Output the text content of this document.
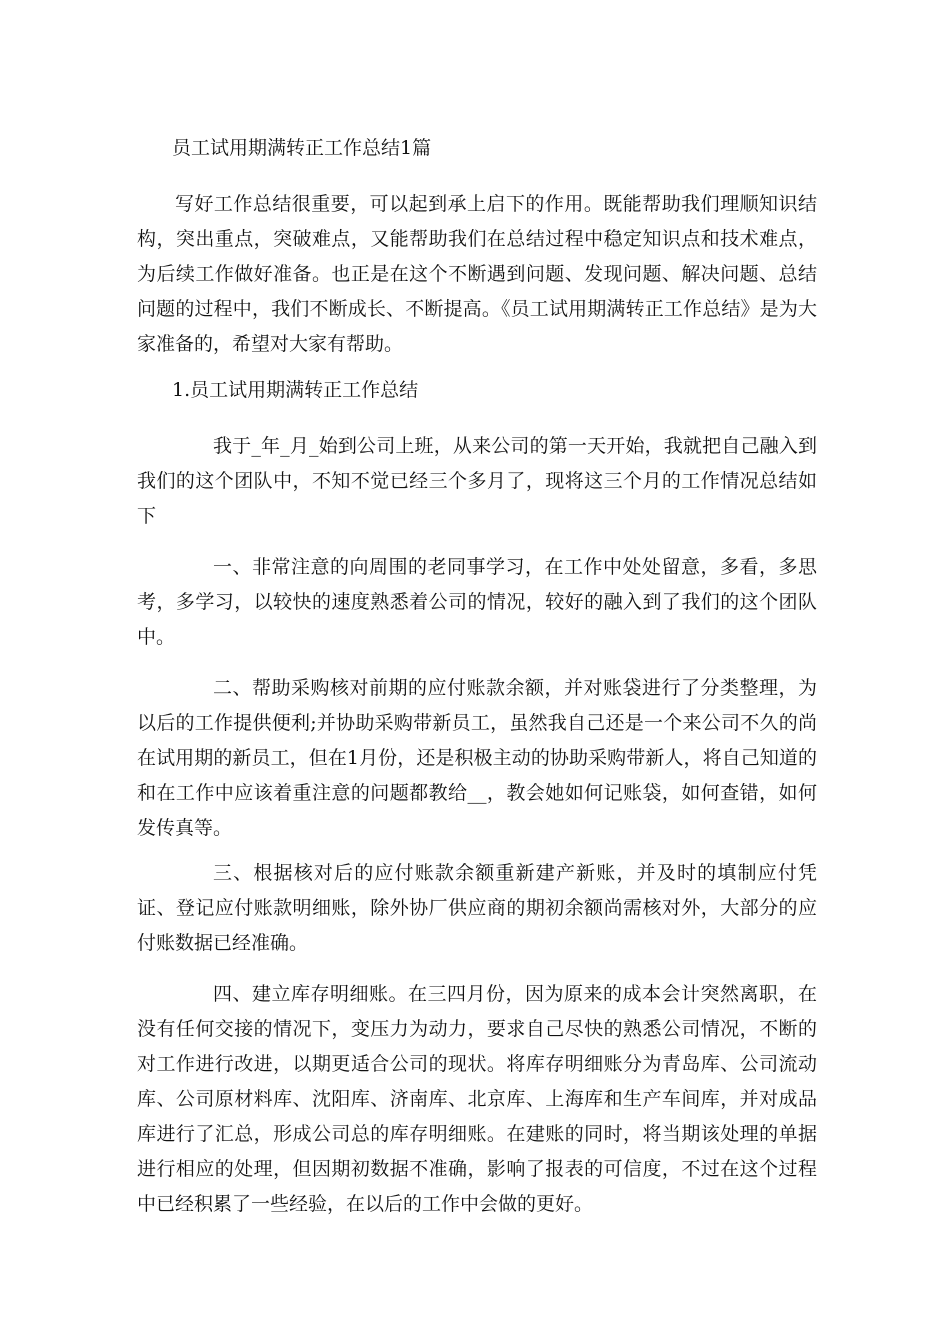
员工试用期满转正工作总结1篇

写好工作总结很重要，可以起到承上启下的作用。既能帮助我们理顺知识结构，突出重点，突破难点，又能帮助我们在总结过程中稳定知识点和技术难点，为后续工作做好准备。也正是在这个不断遇到问题、发现问题、解决问题、总结问题的过程中，我们不断成长、不断提高。《员工试用期满转正工作总结》是为大家准备的，希望对大家有帮助。

1.员工试用期满转正工作总结

我于_年_月_始到公司上班，从来公司的第一天开始，我就把自己融入到我们的这个团队中，不知不觉已经三个多月了，现将这三个月的工作情况总结如下

一、非常注意的向周围的老同事学习，在工作中处处留意，多看，多思考，多学习，以较快的速度熟悉着公司的情况，较好的融入到了我们的这个团队中。

二、帮助采购核对前期的应付账款余额，并对账袋进行了分类整理，为以后的工作提供便利;并协助采购带新员工，虽然我自己还是一个来公司不久的尚在试用期的新员工，但在1月份，还是积极主动的协助采购带新人，将自己知道的和在工作中应该着重注意的问题都教给__，教会她如何记账袋，如何查错，如何发传真等。

三、根据核对后的应付账款余额重新建产新账，并及时的填制应付凭证、登记应付账款明细账，除外协厂供应商的期初余额尚需核对外，大部分的应付账数据已经准确。

四、建立库存明细账。在三四月份，因为原来的成本会计突然离职，在没有任何交接的情况下，变压力为动力，要求自己尽快的熟悉公司情况，不断的对工作进行改进，以期更适合公司的现状。将库存明细账分为青岛库、公司流动库、公司原材料库、沈阳库、济南库、北京库、上海库和生产车间库，并对成品库进行了汇总，形成公司总的库存明细账。在建账的同时，将当期该处理的单据进行相应的处理，但因期初数据不准确，影响了报表的可信度，不过在这个过程中已经积累了一些经验，在以后的工作中会做的更好。
